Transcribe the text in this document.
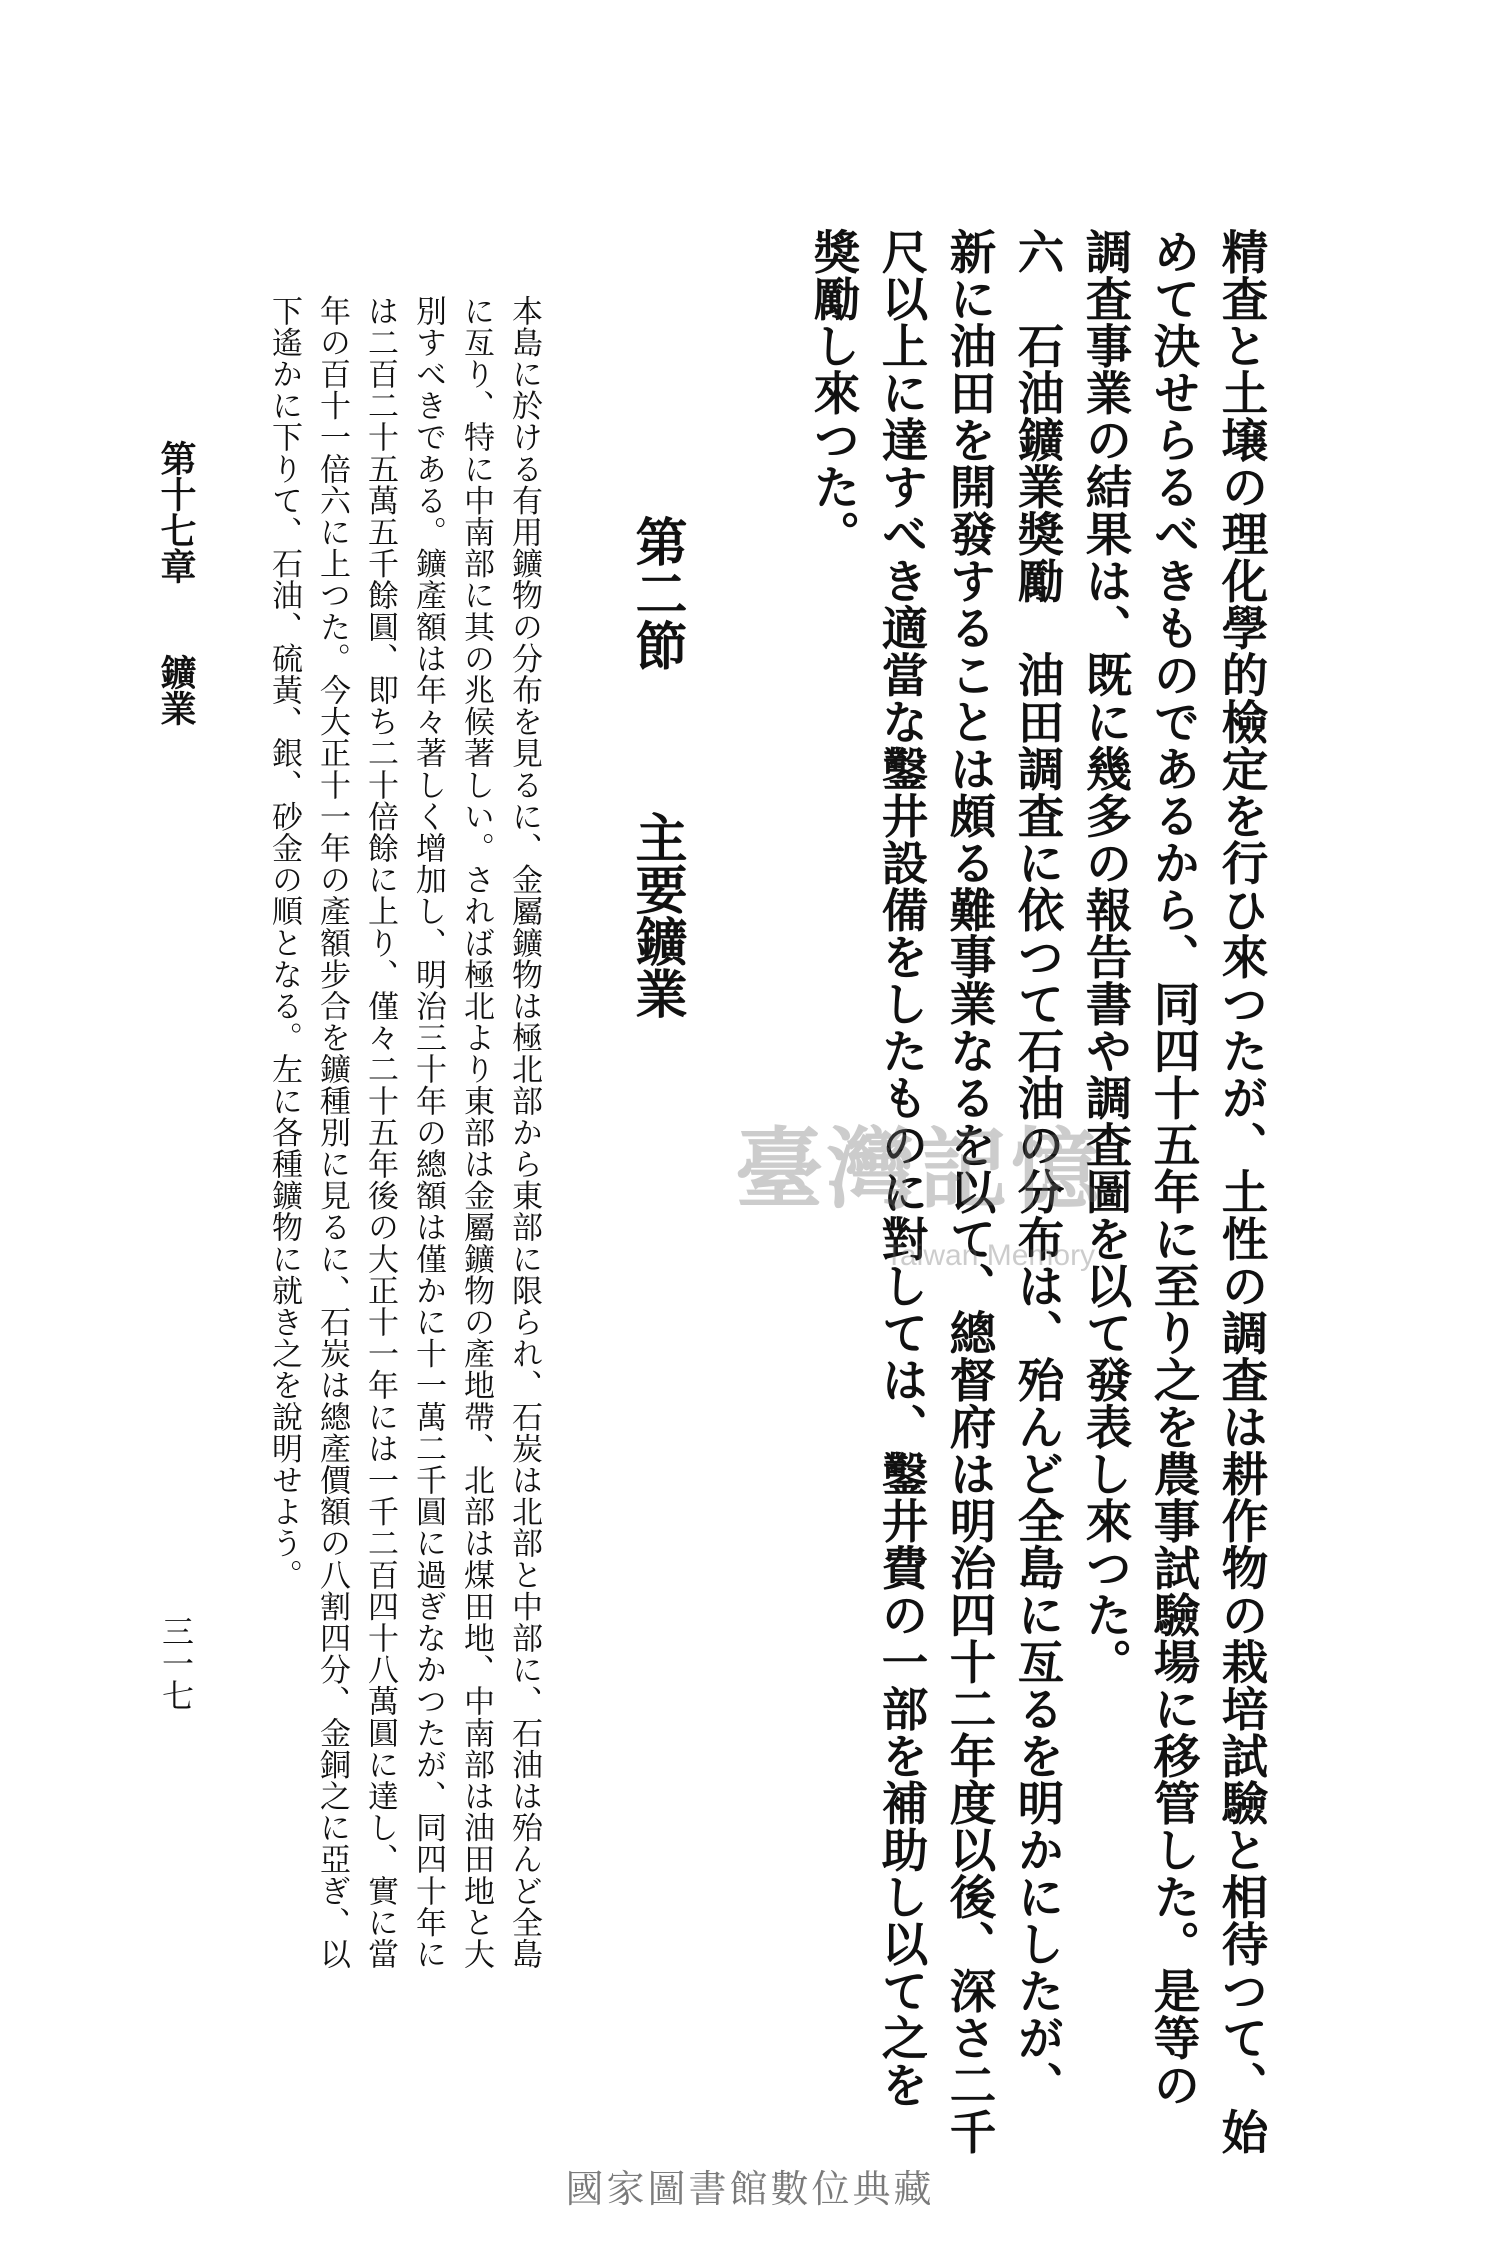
精査と土壌の理化學的檢定を行ひ來つたが、土性の調査は耕作物の栽培試驗と相待つて、始

めて決せらるべきものであるから、同四十五年に至り之を農事試驗場に移管した。是等の

調査事業の結果は、既に幾多の報告書や調査圖を以て發表し來つた。

六　石油鑛業獎勵　油田調査に依つて石油の分布は、殆んど全島に亙るを明かにしたが、

新に油田を開發することは頗る難事業なるを以て、總督府は明治四十二年度以後、深さ二千

尺以上に達すべき適當な鑿井設備をしたものに對しては、鑿井費の一部を補助し以て之を

獎勵し來つた。

第二節主要鑛業

本島に於ける有用鑛物の分布を見るに、金屬鑛物は極北部から東部に限られ、石炭は北部と中部に、石油は殆んど全島

に亙り、特に中南部に其の兆候著しい。されば極北より東部は金屬鑛物の產地帶、北部は煤田地、中南部は油田地と大

別すべきである。鑛產額は年々著しく增加し、明治三十年の總額は僅かに十一萬二千圓に過ぎなかつたが、同四十年に

は二百二十五萬五千餘圓、即ち二十倍餘に上り、僅々二十五年後の大正十一年には一千二百四十八萬圓に達し、實に當

年の百十一倍六に上つた。今大正十一年の產額步合を鑛種別に見るに、石炭は總產價額の八割四分、金銅之に亞ぎ、以

下遙かに下りて、石油、硫黃、銀、砂金の順となる。左に各種鑛物に就き之を說明せよう。

第十七章鑛業
三一七
臺灣記憶
Taiwan Memory
國家圖書館數位典藏
